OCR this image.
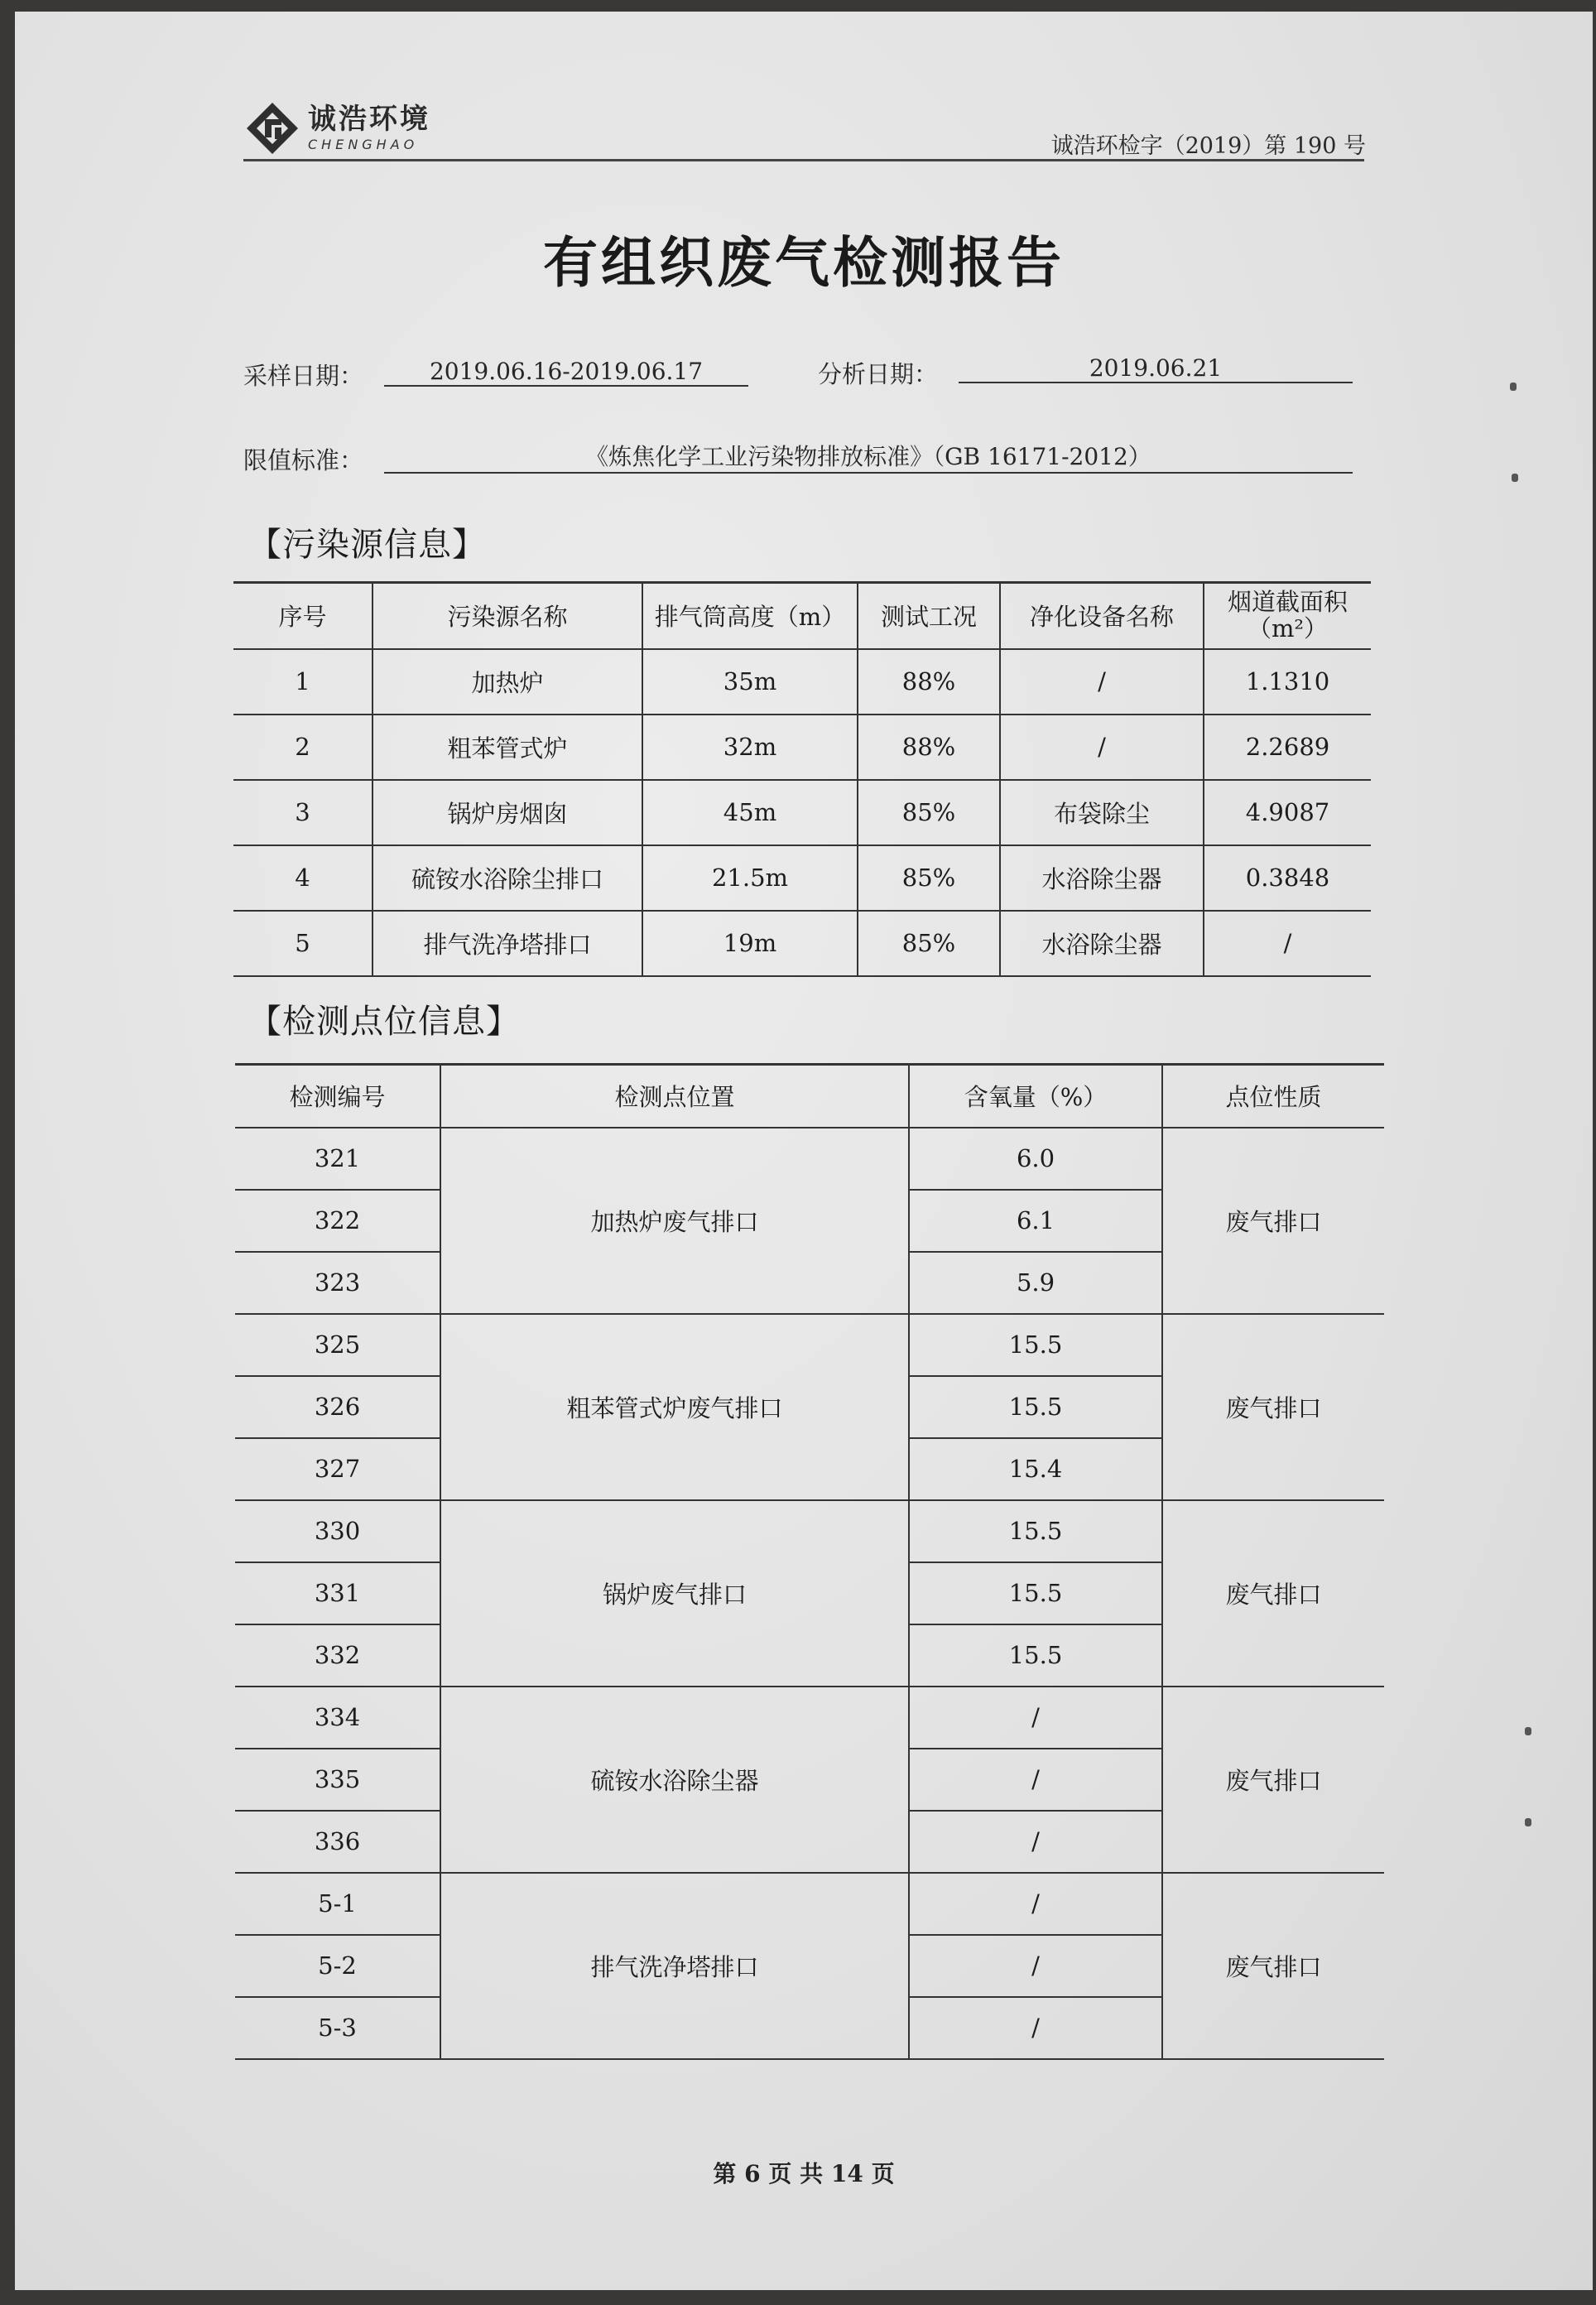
诚浩环境
CHENGHAO	诚浩环检字（2019）第 190 号
有组织废气检测报告
采样日期：	2019.06.16-2019.06.17	分析日期：	2019.06.21
限值标准：	《炼焦化学工业污染物排放标准》（GB 16171-2012）
【污染源信息】
序号	污染源名称	排气筒高度（m）	测试工况	净化设备名称	烟道截面积（m²）
1	加热炉	35m	88%	/	1.1310
2	粗苯管式炉	32m	88%	/	2.2689
3	锅炉房烟囱	45m	85%	布袋除尘	4.9087
4	硫铵水浴除尘排口	21.5m	85%	水浴除尘器	0.3848
5	排气洗净塔排口	19m	85%	水浴除尘器	/
【检测点位信息】
检测编号	检测点位置	含氧量（%）	点位性质
321	加热炉废气排口	6.0	废气排口
322		6.1	
323		5.9	
325	粗苯管式炉废气排口	15.5	废气排口
326		15.5	
327		15.4	
330	锅炉废气排口	15.5	废气排口
331		15.5	
332		15.5	
334	硫铵水浴除尘器	/	废气排口
335		/	
336		/	
5-1	排气洗净塔排口	/	废气排口
5-2		/	
5-3		/	
第 6 页 共 14 页
